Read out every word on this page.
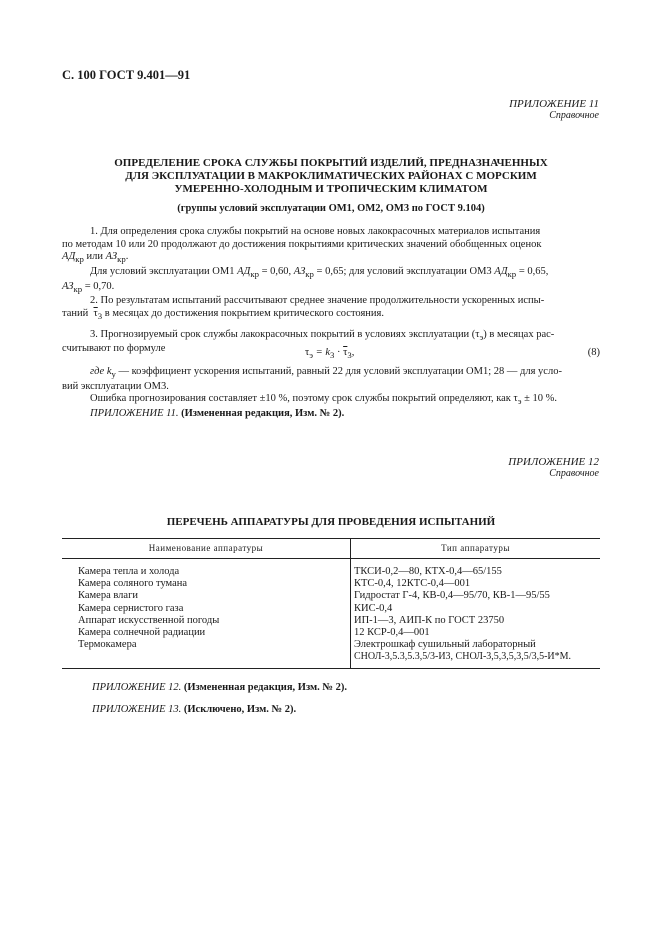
С. 100 ГОСТ 9.401—91
ПРИЛОЖЕНИЕ 11
Справочное
ОПРЕДЕЛЕНИЕ СРОКА СЛУЖБЫ ПОКРЫТИЙ ИЗДЕЛИЙ, ПРЕДНАЗНАЧЕННЫХ
ДЛЯ ЭКСПЛУАТАЦИИ В МАКРОКЛИМАТИЧЕСКИХ РАЙОНАХ С МОРСКИМ
УМЕРЕННО-ХОЛОДНЫМ И ТРОПИЧЕСКИМ КЛИМАТОМ
(группы условий эксплуатации ОМ1, ОМ2, ОМ3 по ГОСТ 9.104)
1. Для определения срока службы покрытий на основе новых лакокрасочных материалов испытания
по методам 10 или 20 продолжают до достижения покрытиями критических значений обобщенных оценок
$АД_{кр}$ или $АЗ_{кр}$.
Для условий эксплуатации ОМ1 $АД_{кр} = 0,60$, $АЗ_{кр} = 0,65$; для условий эксплуатации ОМ3 $АД_{кр} = 0,65$,
$АЗ_{кр} = 0,70$.
2. По результатам испытаний рассчитывают среднее значение продолжительности ускоренных испы-
таний $\overline{\tau}_3$ в месяцах до достижения покрытием критического состояния.
3. Прогнозируемый срок службы лакокрасочных покрытий в условиях эксплуатации $(\tau_э)$ в месяцах рас-
считывают по формуле	$\tau_э = k_3 \cdot \overline{\tau}_3$,	(8)
где $k_у$ — коэффициент ускорения испытаний, равный 22 для условий эксплуатации ОМ1; 28 — для усло-
вий эксплуатации ОМ3.
Ошибка прогнозирования составляет ±10 %, поэтому срок службы покрытий определяют, как $\tau_э \pm 10$ %.
ПРИЛОЖЕНИЕ 11. (Измененная редакция, Изм. № 2).
ПРИЛОЖЕНИЕ 12
Справочное
ПЕРЕЧЕНЬ АППАРАТУРЫ ДЛЯ ПРОВЕДЕНИЯ ИСПЫТАНИЙ
Наименование аппаратуры	Тип аппаратуры
Камера тепла и холода	ТКСИ-0,2—80, КТХ-0,4—65/155
Камера соляного тумана	КТС-0,4, 12КТС-0,4—001
Камера влаги	Гидростат Г-4, КВ-0,4—95/70, КВ-1—95/55
Камера сернистого газа	КИС-0,4
Аппарат искусственной погоды	ИП-1—3, АИП-К по ГОСТ 23750
Камера солнечной радиации	12 КСР-0,4—001
Термокамера	Электрошкаф сушильный лабораторный
	СНОЛ-3,5.3,5.3,5/3-И3, СНОЛ-3,5,3,5,3,5/3,5-И*М.
ПРИЛОЖЕНИЕ 12. (Измененная редакция, Изм. № 2).
ПРИЛОЖЕНИЕ 13. (Исключено, Изм. № 2).
